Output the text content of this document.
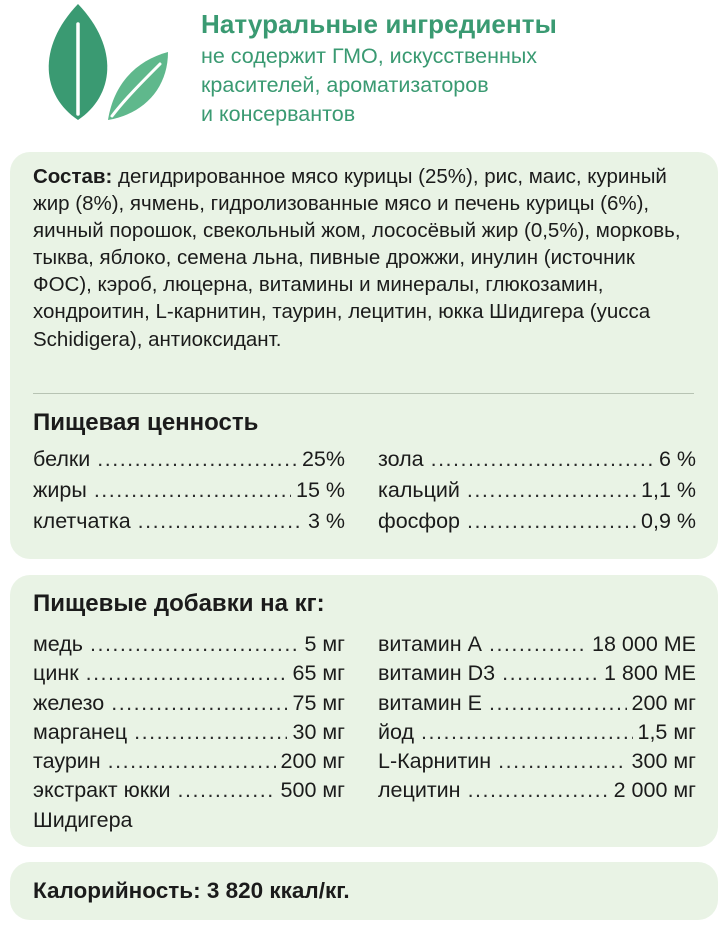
Натуральные ингредиенты
не содержит ГМО, искусственных
красителей, ароматизаторов
и консервантов
Состав: дегидрированное мясо курицы (25%), рис, маис, куриный жир (8%), ячмень, гидролизованные мясо и печень курицы (6%), яичный порошок, свекольный жом, лососёвый жир (0,5%), морковь, тыква, яблоко, семена льна, пивные дрожжи, инулин (источник ФОС), кэроб, люцерна, витамины и минералы, глюкозамин, хондроитин, L-карнитин, таурин, лецитин, юкка Шидигера (yucca Schidigera), антиоксидант.
Пищевая ценность
белки .....	25%
жиры .....	15 %
клетчатка .....	3 %
зола .....	6 %
кальций .....	1,1 %
фосфор .....	0,9 %
Пищевые добавки на кг:
медь .....	5 мг
цинк .....	65 мг
железо .....	75 мг
марганец .....	30 мг
таурин .....	200 мг
экстракт юкки .....	500 мг
Шидигера
витамин А .....	18 000 МЕ
витамин D3 .....	1 800 МЕ
витамин Е .....	200 мг
йод .....	1,5 мг
L-Карнитин .....	300 мг
лецитин .....	2 000 мг
Калорийность: 3 820 ккал/кг.
